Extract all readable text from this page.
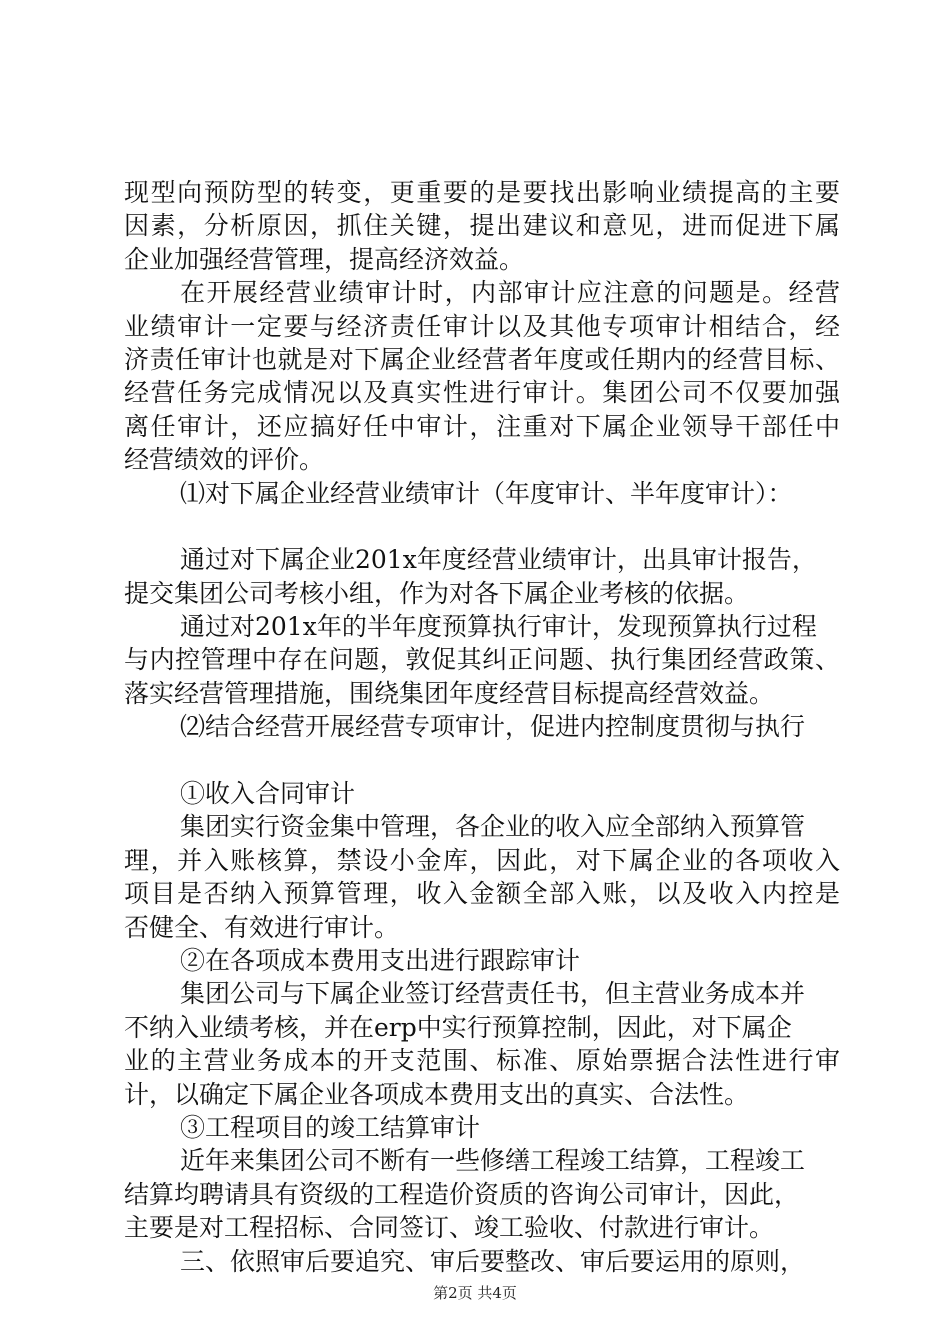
现型向预防型的转变，更重要的是要找出影响业绩提高的主要
因素，分析原因，抓住关键，提出建议和意见，进而促进下属
企业加强经营管理，提高经济效益。
在开展经营业绩审计时，内部审计应注意的问题是。经营
业绩审计一定要与经济责任审计以及其他专项审计相结合，经
济责任审计也就是对下属企业经营者年度或任期内的经营目标、
经营任务完成情况以及真实性进行审计。集团公司不仅要加强
离任审计，还应搞好任中审计，注重对下属企业领导干部任中
经营绩效的评价。
⑴对下属企业经营业绩审计（年度审计、半年度审计）：
通过对下属企业201x年度经营业绩审计，出具审计报告，
提交集团公司考核小组，作为对各下属企业考核的依据。
通过对201x年的半年度预算执行审计，发现预算执行过程
与内控管理中存在问题，敦促其纠正问题、执行集团经营政策、
落实经营管理措施，围绕集团年度经营目标提高经营效益。
⑵结合经营开展经营专项审计，促进内控制度贯彻与执行
①收入合同审计
集团实行资金集中管理，各企业的收入应全部纳入预算管
理，并入账核算，禁设小金库，因此，对下属企业的各项收入
项目是否纳入预算管理，收入金额全部入账，以及收入内控是
否健全、有效进行审计。
②在各项成本费用支出进行跟踪审计
集团公司与下属企业签订经营责任书，但主营业务成本并
不纳入业绩考核，并在erp中实行预算控制，因此，对下属企
业的主营业务成本的开支范围、标准、原始票据合法性进行审
计，以确定下属企业各项成本费用支出的真实、合法性。
③工程项目的竣工结算审计
近年来集团公司不断有一些修缮工程竣工结算，工程竣工
结算均聘请具有资级的工程造价资质的咨询公司审计，因此，
主要是对工程招标、合同签订、竣工验收、付款进行审计。
三、依照审后要追究、审后要整改、审后要运用的原则，
第2页 共4页
